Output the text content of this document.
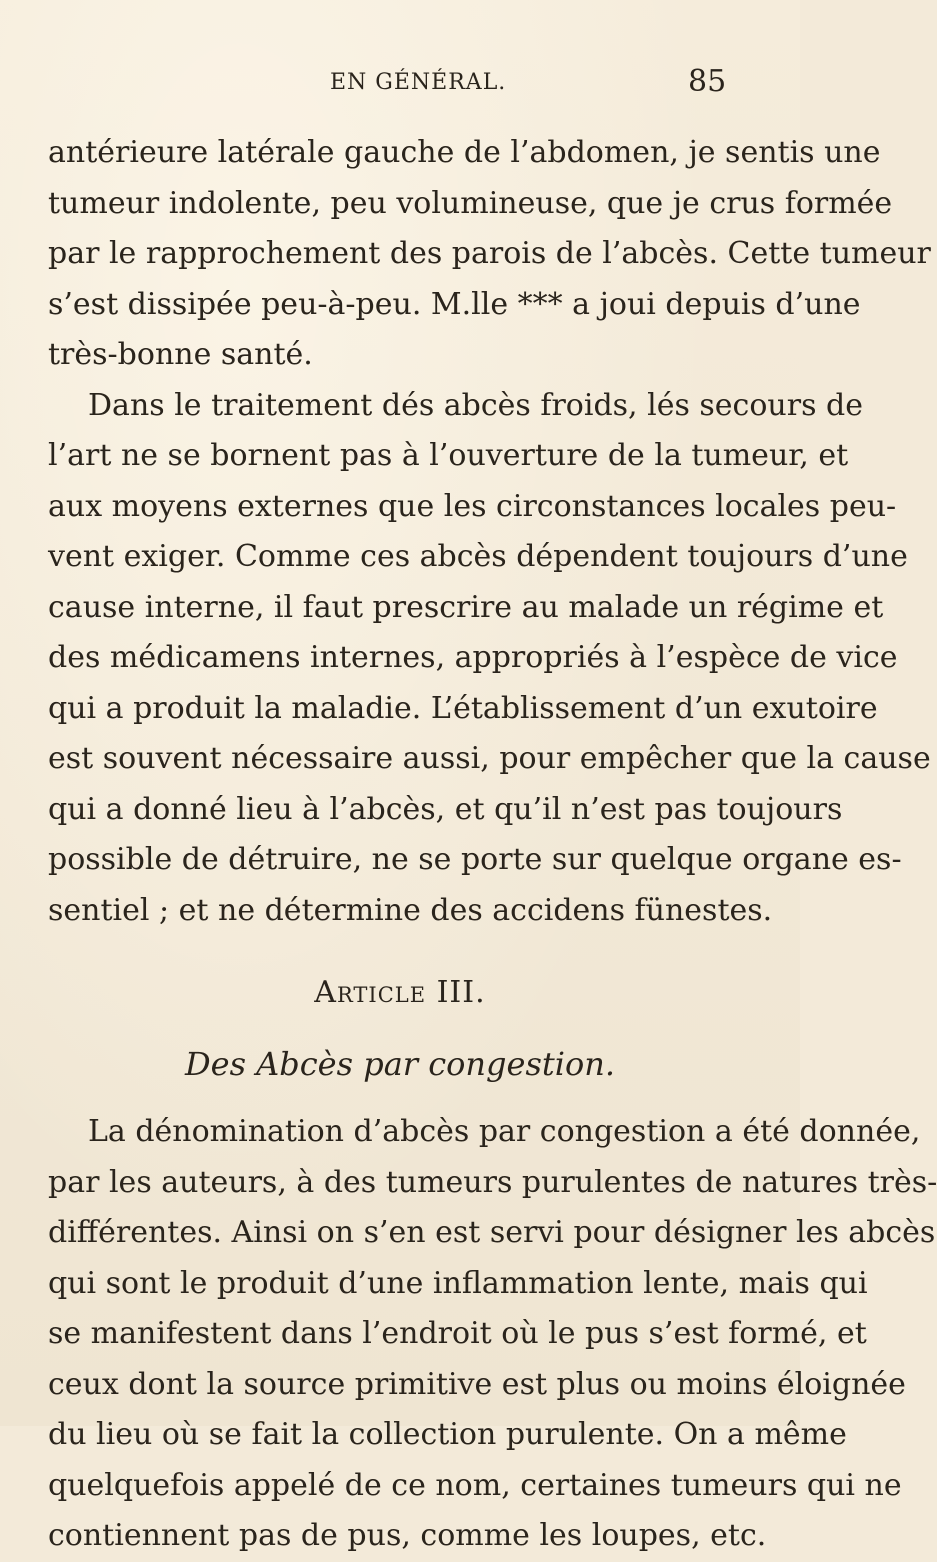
EN GÉNÉRAL.	85

antérieure latérale gauche de l’abdomen, je sentis une
tumeur indolente, peu volumineuse, que je crus formée
par le rapprochement des parois de l’abcès. Cette tumeur
s’est dissipée peu-à-peu. M.lle *** a joui depuis d’une
très-bonne santé.

Dans le traitement dés abcès froids, lés secours de
l’art ne se bornent pas à l’ouverture de la tumeur, et
aux moyens externes que les circonstances locales peu-
vent exiger. Comme ces abcès dépendent toujours d’une
cause interne, il faut prescrire au malade un régime et
des médicamens internes, appropriés à l’espèce de vice
qui a produit la maladie. L’établissement d’un exutoire
est souvent nécessaire aussi, pour empêcher que la cause
qui a donné lieu à l’abcès, et qu’il n’est pas toujours
possible de détruire, ne se porte sur quelque organe es-
sentiel ; et ne détermine des accidens fünestes.

Article III.
Des Abcès par congestion.

La dénomination d’abcès par congestion a été donnée,
par les auteurs, à des tumeurs purulentes de natures très-
différentes. Ainsi on s’en est servi pour désigner les abcès
qui sont le produit d’une inflammation lente, mais qui
se manifestent dans l’endroit où le pus s’est formé, et
ceux dont la source primitive est plus ou moins éloignée
du lieu où se fait la collection purulente. On a même
quelquefois appelé de ce nom, certaines tumeurs qui ne
contiennent pas de pus, comme les loupes, etc.
